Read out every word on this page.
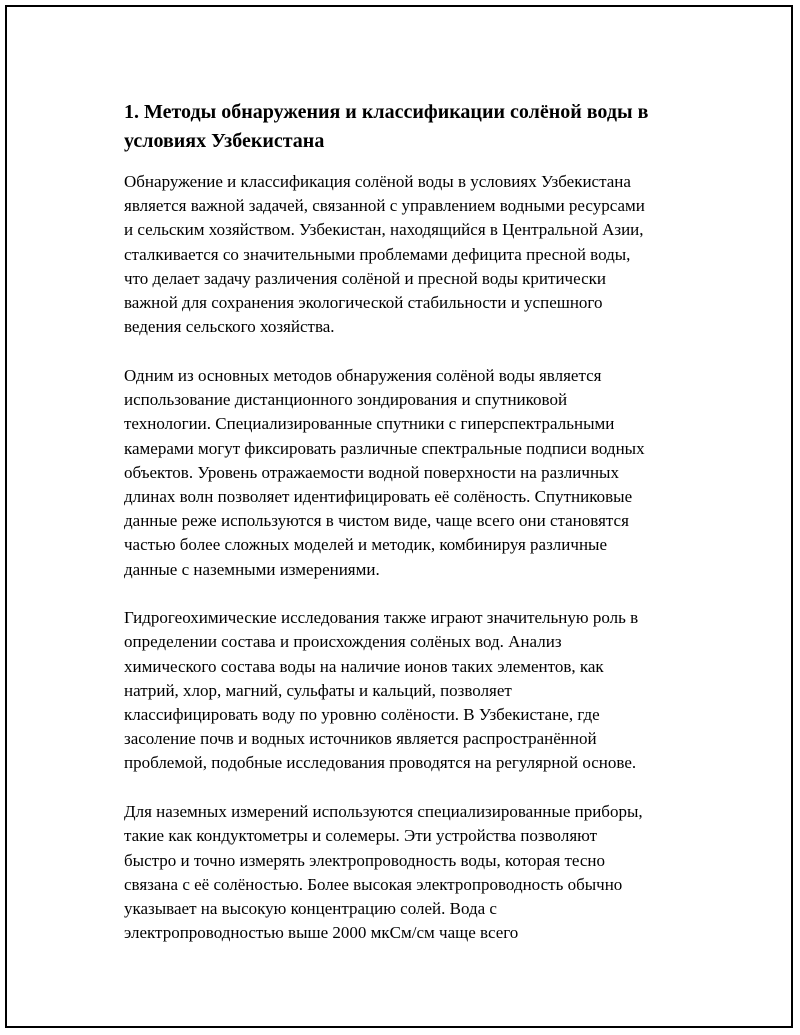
1. Методы обнаружения и классификации солёной воды в
условиях Узбекистана
Обнаружение и классификация солёной воды в условиях Узбекистана
является важной задачей, связанной с управлением водными ресурсами
и сельским хозяйством. Узбекистан, находящийся в Центральной Азии,
сталкивается со значительными проблемами дефицита пресной воды,
что делает задачу различения солёной и пресной воды критически
важной для сохранения экологической стабильности и успешного
ведения сельского хозяйства.
Одним из основных методов обнаружения солёной воды является
использование дистанционного зондирования и спутниковой
технологии. Специализированные спутники с гиперспектральными
камерами могут фиксировать различные спектральные подписи водных
объектов. Уровень отражаемости водной поверхности на различных
длинах волн позволяет идентифицировать её солёность. Спутниковые
данные реже используются в чистом виде, чаще всего они становятся
частью более сложных моделей и методик, комбинируя различные
данные с наземными измерениями.
Гидрогеохимические исследования также играют значительную роль в
определении состава и происхождения солёных вод. Анализ
химического состава воды на наличие ионов таких элементов, как
натрий, хлор, магний, сульфаты и кальций, позволяет
классифицировать воду по уровню солёности. В Узбекистане, где
засоление почв и водных источников является распространённой
проблемой, подобные исследования проводятся на регулярной основе.
Для наземных измерений используются специализированные приборы,
такие как кондуктометры и солемеры. Эти устройства позволяют
быстро и точно измерять электропроводность воды, которая тесно
связана с её солёностью. Более высокая электропроводность обычно
указывает на высокую концентрацию солей. Вода с
электропроводностью выше 2000 мкСм/см чаще всего
